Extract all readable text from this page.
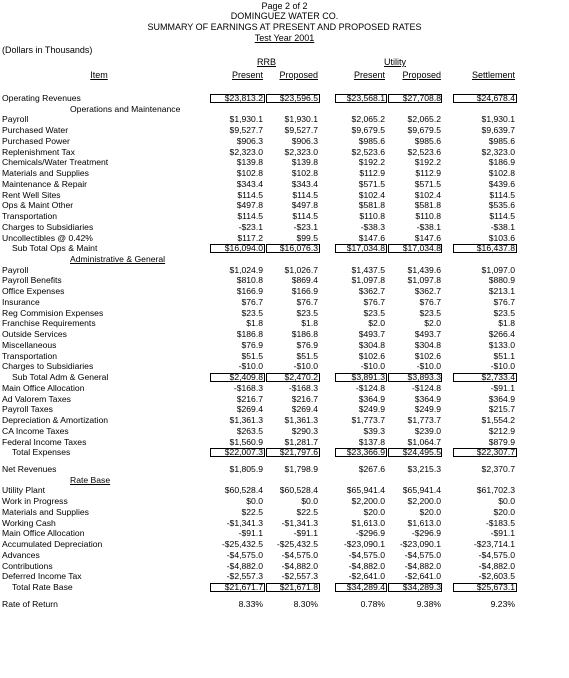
Page 2 of 2
DOMINGUEZ WATER CO.
SUMMARY OF EARNINGS AT PRESENT AND PROPOSED RATES
Test Year 2001
(Dollars in Thousands)
RRB	Utility
Item	Present	Proposed	Present	Proposed	Settlement
Operating Revenues	$23,813.2 $23,596.5	$23,568.1 $27,708.8	$24,678.4
Operations and Maintenance
Payroll	$1,930.1	$1,930.1	$2,065.2	$2,065.2	$1,930.1
Purchased Water	$9,527.7	$9,527.7	$9,679.5	$9,679.5	$9,639.7
Purchased Power	$906.3	$906.3	$985.6	$985.6	$985.6
Replenishment Tax	$2,323.0	$2,323.0	$2,523.6	$2,523.6	$2,323.0
Chemicals/Water Treatment	$139.8	$139.8	$192.2	$192.2	$186.9
Materials and Supplies	$102.8	$102.8	$112.9	$112.9	$102.8
Maintenance & Repair	$343.4	$343.4	$571.5	$571.5	$439.6
Rent Well Sites	$114.5	$114.5	$102.4	$102.4	$114.5
Ops & Maint Other	$497.8	$497.8	$581.8	$581.8	$535.6
Transportation	$114.5	$114.5	$110.8	$110.8	$114.5
Charges to Subsidiaries	-$23.1	-$23.1	-$38.3	-$38.1	-$38.1
Uncollectibles @ 0.42%	$117.2	$99.5	$147.6	$147.6	$103.6
Sub Total Ops & Maint	$16,094.0 $16,076.3	$17,034.8 $17,034.8	$16,437.8
Administrative & General
Payroll	$1,024.9	$1,026.7	$1,437.5	$1,439.6	$1,097.0
Payroll Benefits	$810.8	$869.4	$1,097.8	$1,097.8	$880.9
Office Expenses	$166.9	$166.9	$362.7	$362.7	$213.1
Insurance	$76.7	$76.7	$76.7	$76.7	$76.7
Reg Commision Expenses	$23.5	$23.5	$23.5	$23.5	$23.5
Franchise Requirements	$1.8	$1.8	$2.0	$2.0	$1.8
Outside Services	$186.8	$186.8	$493.7	$493.7	$266.4
Miscellaneous	$76.9	$76.9	$304.8	$304.8	$133.0
Transportation	$51.5	$51.5	$102.6	$102.6	$51.1
Charges to Subsidiaries	-$10.0	-$10.0	-$10.0	-$10.0	-$10.0
Sub Total Adm & General	$2,409.8	$2,470.2	$3,891.3	$3,893.3	$2,733.4
Main Office Allocation	-$168.3	-$168.3	-$124.8	-$124.8	-$91.1
Ad Valorem Taxes	$216.7	$216.7	$364.9	$364.9	$364.9
Payroll Taxes	$269.4	$269.4	$249.9	$249.9	$215.7
Depreciation & Amortization	$1,361.3	$1,361.3	$1,773.7	$1,773.7	$1,554.2
CA Income Taxes	$263.5	$290.3	$39.3	$239.0	$212.9
Federal Income Taxes	$1,560.9	$1,281.7	$137.8	$1,064.7	$879.9
Total Expenses	$22,007.3 $21,797.6	$23,366.9 $24,495.5	$22,307.7
Net Revenues	$1,805.9	$1,798.9	$267.6	$3,215.3	$2,370.7
Rate Base
Utility Plant	$60,528.4 $60,528.4	$65,941.4 $65,941.4	$61,702.3
Work in Progress	$0.0	$0.0	$2,200.0	$2,200.0	$0.0
Materials and Supplies	$22.5	$22.5	$20.0	$20.0	$20.0
Working Cash	-$1,341.3 -$1,341.3	$1,613.0	$1,613.0	-$183.5
Main Office Allocation	-$91.1	-$91.1	-$296.9	-$296.9	-$91.1
Accumulated Depreciation	-$25,432.5 -$25,432.5	-$23,090.1 -$23,090.1	-$23,714.1
Advances	-$4,575.0 -$4,575.0	-$4,575.0 -$4,575.0	-$4,575.0
Contributions	-$4,882.0 -$4,882.0	-$4,882.0 -$4,882.0	-$4,882.0
Deferred Income Tax	-$2,557.3 -$2,557.3	-$2,641.0 -$2,641.0	-$2,603.5
Total Rate Base	$21,671.7 $21,671.8	$34,289.4 $34,289.3	$25,673.1
Rate of Return	8.33%	8.30%	0.78%	9.38%	9.23%
